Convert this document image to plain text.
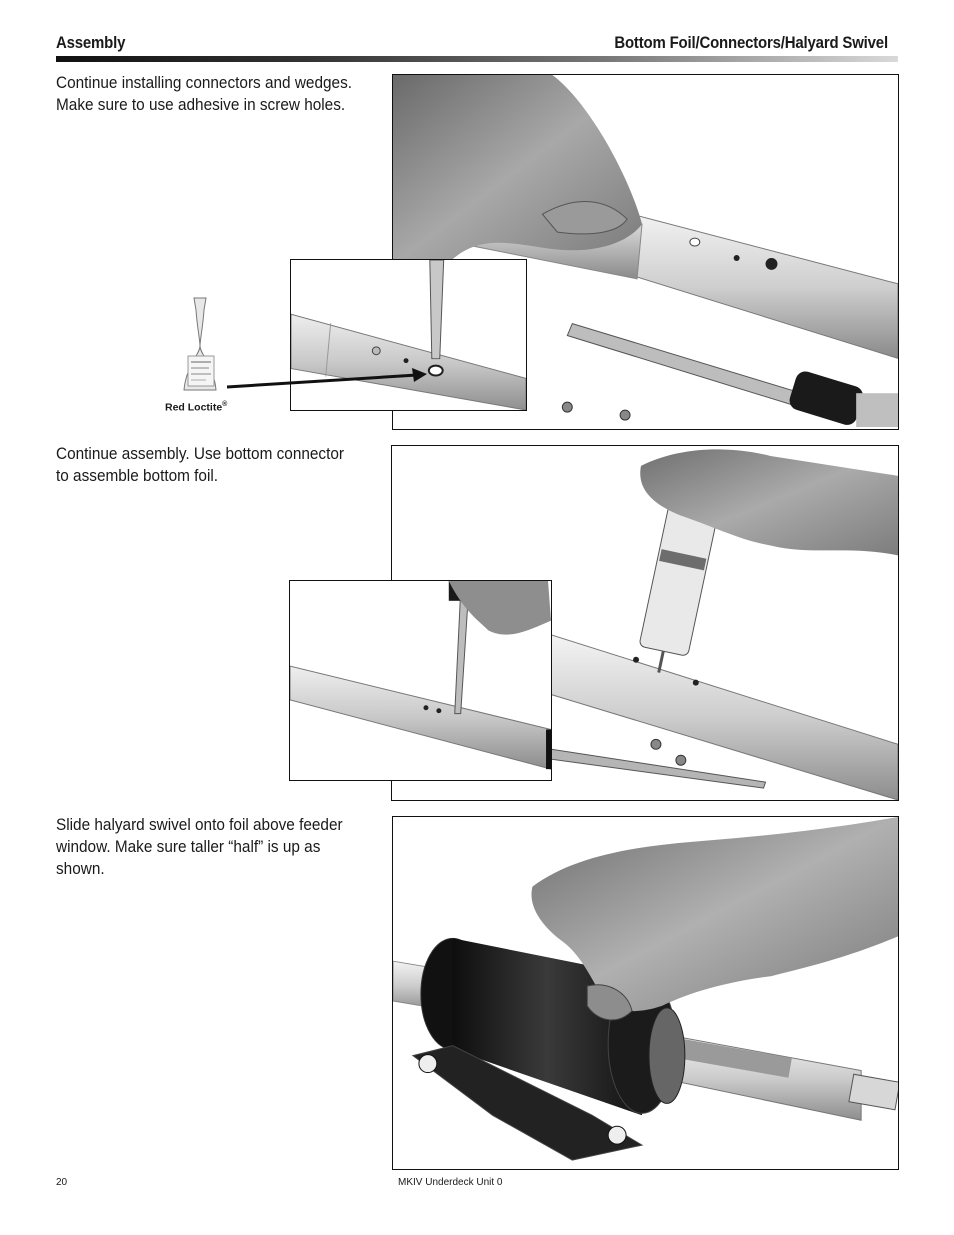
Assembly	Bottom Foil/Connectors/Halyard Swivel

Continue installing connectors and wedges.

Make sure to use adhesive in screw holes.

Red Loctite®

Continue assembly. Use bottom connector

to assemble bottom foil.

Slide halyard swivel onto foil above feeder

window. Make sure taller “half” is up as

shown.

20	MKIV Underdeck Unit 0
